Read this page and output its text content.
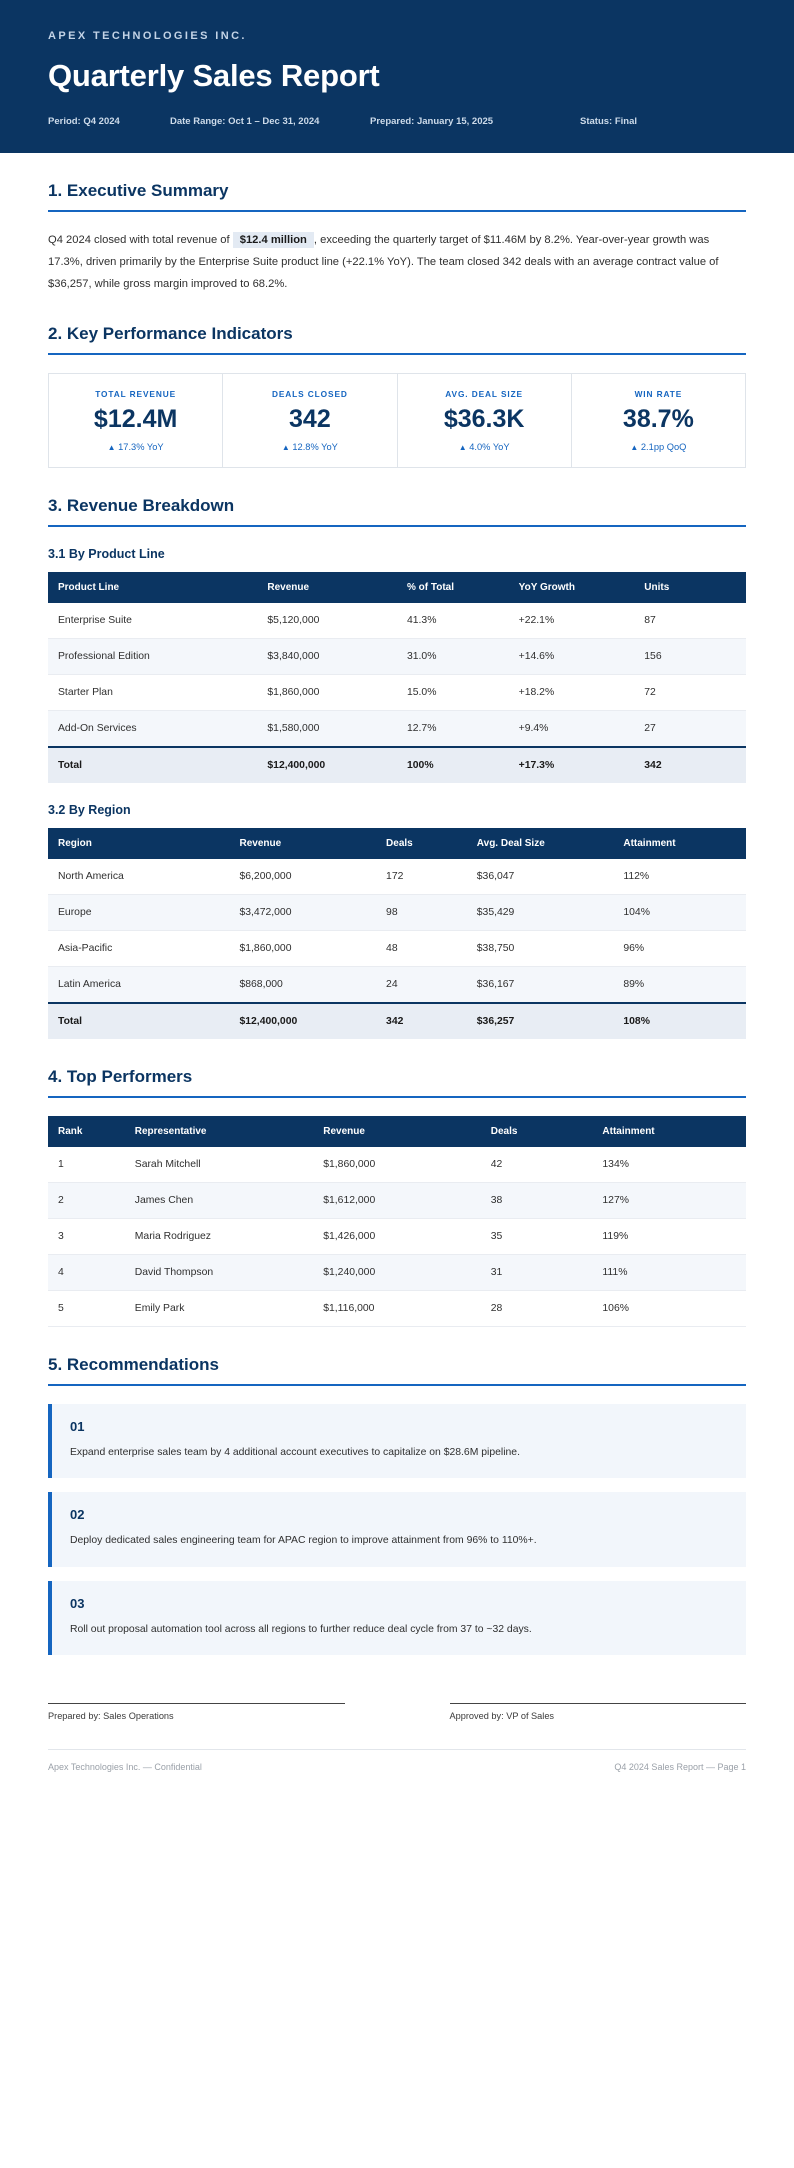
APEX TECHNOLOGIES INC.
Quarterly Sales Report
Period: Q4 2024	Date Range: Oct 1 – Dec 31, 2024	Prepared: January 15, 2025	Status: Final
1. Executive Summary

Q4 2024 closed with total revenue of $12.4 million , exceeding the quarterly target of $11.46M by 8.2%. Year-over-year growth was 17.3%, driven primarily by the Enterprise Suite product line (+22.1% YoY). The team closed 342 deals with an average contract value of $36,257, while gross margin improved to 68.2%.

2. Key Performance Indicators
TOTAL REVENUE
$12.4M
▲ 17.3% YoY
DEALS CLOSED
342
▲ 12.8% YoY
AVG. DEAL SIZE
$36.3K
▲ 4.0% YoY
WIN RATE
38.7%
▲ 2.1pp QoQ
3. Revenue Breakdown
3.1 By Product Line
Product Line	Revenue	% of Total	YoY Growth	Units
Enterprise Suite	$5,120,000	41.3%	+22.1%	87
Professional Edition	$3,840,000	31.0%	+14.6%	156
Starter Plan	$1,860,000	15.0%	+18.2%	72
Add-On Services	$1,580,000	12.7%	+9.4%	27
Total	$12,400,000	100%	+17.3%	342
3.2 By Region
Region	Revenue	Deals	Avg. Deal Size	Attainment
North America	$6,200,000	172	$36,047	112%
Europe	$3,472,000	98	$35,429	104%
Asia-Pacific	$1,860,000	48	$38,750	96%
Latin America	$868,000	24	$36,167	89%
Total	$12,400,000	342	$36,257	108%
4. Top Performers
Rank	Representative	Revenue	Deals	Attainment
1	Sarah Mitchell	$1,860,000	42	134%
2	James Chen	$1,612,000	38	127%
3	Maria Rodriguez	$1,426,000	35	119%
4	David Thompson	$1,240,000	31	111%
5	Emily Park	$1,116,000	28	106%
5. Recommendations
01
Expand enterprise sales team by 4 additional account executives to capitalize on $28.6M pipeline.
02
Deploy dedicated sales engineering team for APAC region to improve attainment from 96% to 110%+.
03
Roll out proposal automation tool across all regions to further reduce deal cycle from 37 to ~32 days.
Prepared by: Sales Operations	Approved by: VP of Sales
Apex Technologies Inc. — Confidential	Q4 2024 Sales Report — Page 1
